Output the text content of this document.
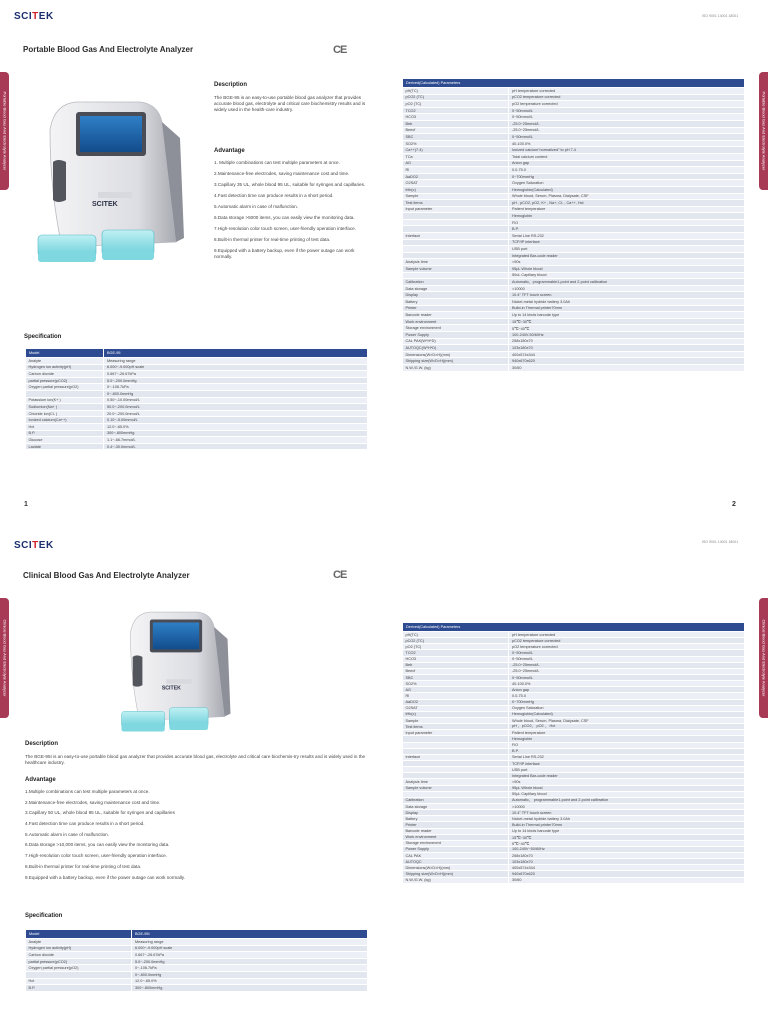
SCITEK
Portable Blood Gas And Electrolyte Analyzer	CE
Portable Blood Gas And Electrolyte Analyzer
SCITEK
Description
The BGE-95 is an easy-to-use portable blood gas analyzer that provides accurate blood gas, electrolyte and critical care biochemistry results and is widely used in the health-care industry.
Advantage
1. Multiple combinations can test multiple parameters at once.
2.Maintenance-free electrodes, saving maintenance cost and time.
3.Capillary 35 UL, whole blood 95 UL, suitable for syringes and capillaries.
4.Fast detection time can produce results in a short period.
5.Automatic alarm in case of malfunction.
6.Data storage >5000 items, you can easily view the monitoring data.
7.High-resolution color touch screen, user-friendly operation interface.
8.Built-in thermal printer for real-time printing of test data.
9.Equipped with a battery backup, even if the power outage can work normally.
Specification
Model	BGE-95
Analyte	Measuring range
Hydrogen ion activity(pH)	6.000~-9.000pH scale
Carbon dioxide	0.667~-26.67kPa
partial pressure(pCO2)	5.0~-200.0mmHg
Oxygen partial pressure(pO2)	0~-106.7kPa
	0~-800.0mmHg
Potassium ion(K+ )	0.50~-10.00mmol/L
Sodiumion(Na+ )	50.0~-200.0mmol/L
Chloride ion(Cl- )	20.0~-200.0mmol/L
Ionized calcium(Ca++)	0.10~-5.00mmol/L
Hct	12.0~-65.0%
B.P.	300~-800mmHg
Glucose	1.1~-66.7mmol/L
Lactate	0.4~-30.0mmol/L
1
ISO 9001 14001 18001
Portable Blood Gas And Electrolyte Analyzer
Derived(Calculated) Parameters	
pH(TC)	pH temperature corrected
pCO2 (TC)	pCO2 temperature corrected
pO2 (TC)	pO2 temperature corrected
TCO2	0~50mmol/L
HCO3	0~50mmol/L
Beb	-25.0~25mmol/L
Beecf	-25.0~25mmol/L
SBC	0~50mmol/L
SO2%	40-100.0%
Ca++(7.4)	Ionized calcium"normalized" to pH 7.4
TCa	Total calcium content
AG	Anion gap
RI	0.0-75.0
AaDO2	0~700mmHg
O2SAT	Oxygen Saturation
tHb(c)	Hemoglobin(Calculated)
Sample	Whole blood, Serum, Plasma, Dialysate, CSF
Test items	pH , pCO2, pO2, K+ , Na+, Cl- , Ca++, Hct
Input parameter	Patient temperature
	Hemoglobin
	FiO
	B.P.
Interface	Serial Line RS-232
	TCP/IP interface
	USB port
	Integrated Bar-code reader
Analysis time	<90s
Sample volume	95μL Whole blood
	50uL Capillary blood
Calibration	Automatic，programmable1-point and 2-point calibration
Data storage	>10000
Display	10.4" TFT touch screen.
Battery	Nickel-metal hydride battery 3.0Ah
Printer	Build-in Thermal printer70mm
Barcode reader	Up to 14 kinds barcode type
Work environment	15℃~30℃
Storage environment	5℃~40℃
Power Supply	100-240V-50/60Hz
CAL PAK(W*H*D)	258x180x70
AUTOQC(W*H*D)	103x180x70
Dimensions(W×D×H)(mm)	400x574x344
Shipping size(W×D×H)(mm)	940x670x620
N.W./G.W. (kg)	30/60
2
SCITEK
Clinical Blood Gas And Electrolyte Analyzer	CE
Clinical Blood Gas And Electrolyte Analyzer	SCITEK
Description
The BGE-95I is an easy-to-use portable blood gas analyzer that provides accurate blood gas, electrolyte and critical care biochemis-try results and is widely used in the healthcare industry.
Advantage
1.Multiple combinations can test multiple parameters at once.
2.Maintenance-free electrodes, saving maintenance cost and time.
3.Capillary 50 UL, whole blood 95 UL, suitable for syringes and capillaries
4.Fast detection time can produce results in a short period.
5.Automatic alarm in case of malfunction.
6.Data storage >10,000 items, you can easily view the monitoring data.
7.High-resolution color touch screen, user-friendly operation interface.
8.Built-in thermal printer for real-time printing of test data.
9.Equipped with a battery backup, even if the power outage can work normally.
Specification
Model	BGE-95I
Analyte	Measuring range
Hydrogen ion activity(pH)	6.000~-9.000pH scale
Carbon dioxide	0.667~-26.67kPa
partial pressure(pCO2)	5.0~-200.0mmHg
Oxygen partial pressure(pO2)	0~-106.7kPa
	0~-800.0mmHg
Hct	12.0~-65.0%
B.P.	300~-800mmHg
ISO 9001 14001 18001
Clinical Blood Gas And Electrolyte Analyzer
Derived(Calculated) Parameters	
pH(TC)	pH temperature corrected
pCO2 (TC)	pCO2 temperature corrected
pO2 (TC)	pO2 temperature corrected
TCO2	0~50mmol/L
HCO3	0~50mmol/L
Beb	-25.0~25mmol/L
Beecf	-25.0~25mmol/L
SBC	0~50mmol/L
SO2%	40-100.0%
AG	Anion gap
RI	0.0-75.0
AaDO2	0~700mmHg
O2SAT	Oxygen Saturation
tHb(c)	Hemoglobin(Calculated)
Sample	Whole blood, Serum, Plasma, Dialysate, CSF
Test items	pH ，pCO2， pO2 ， Hct
Input parameter	Patient temperature
	Hemoglobin
	FiO
	B.P.
Interface	Serial Line RS-232
	TCP/IP interface
	USB port
	Integrated Bar-code reader
Analysis time	<90s
Sample volume	95μL Whole blood
	50μL Capillary blood
Calibration	Automatic， programmable1-point and 2-point calibration
Data storage	>10000
Display	10.4" TFT touch screen
Battery	Nickel-metal hydride battery 3.0Ah
Printer	Build-in Thermal printer70mm
Barcode reader	Up to 14 kinds barcode type
Work environment	15℃~30℃
Storage environment	5℃~40℃
Power Supply	100-240V~50/60Hz
CAL PAK	258x180x70
AUTOQC	103x180x70
Dimensions(W×D×H)(mm)	400x574x344
Shipping size(W×D×H)(mm)	940x670x620
N.W./G.W. (kg)	30/60
